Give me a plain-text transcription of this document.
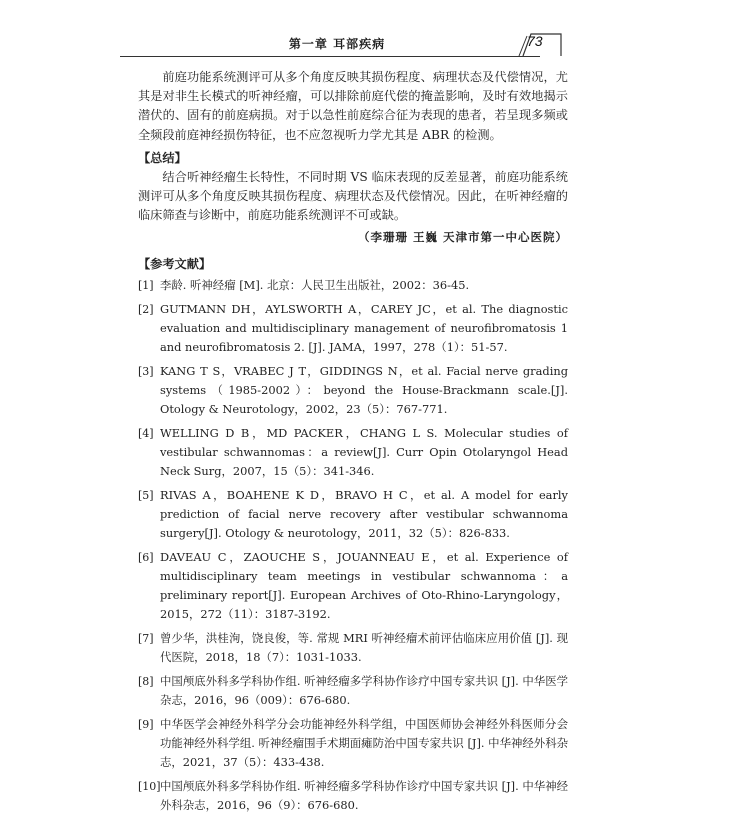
第一章 耳部疾病	73

前庭功能系统测评可从多个角度反映其损伤程度、病理状态及代偿情况，尤其是对非生长模式的听神经瘤，可以排除前庭代偿的掩盖影响，及时有效地揭示潜伏的、固有的前庭病损。对于以急性前庭综合征为表现的患者，若呈现多频或全频段前庭神经损伤特征，也不应忽视听力学尤其是 ABR 的检测。

【总结】

结合听神经瘤生长特性，不同时期 VS 临床表现的反差显著，前庭功能系统测评可从多个角度反映其损伤程度、病理状态及代偿情况。因此，在听神经瘤的临床筛查与诊断中，前庭功能系统测评不可或缺。

（李珊珊 王巍 天津市第一中心医院）

【参考文献】

[1] 李龄. 听神经瘤 [M]. 北京：人民卫生出版社，2002：36-45.
[2] GUTMANN DH，AYLSWORTH A，CAREY JC，et al. The diagnostic evaluation and multidisciplinary management of neurofibromatosis 1 and neurofibromatosis 2. [J]. JAMA，1997，278（1）：51-57.
[3] KANG T S，VRABEC J T，GIDDINGS N，et al. Facial nerve grading systems（1985-2002）：beyond the House-Brackmann scale.[J]. Otology & Neurotology，2002，23（5）：767-771.
[4] WELLING D B，MD PACKER，CHANG L S. Molecular studies of vestibular schwannomas：a review[J]. Curr Opin Otolaryngol Head Neck Surg，2007，15（5）：341-346.
[5] RIVAS A，BOAHENE K D，BRAVO H C，et al. A model for early prediction of facial nerve recovery after vestibular schwannoma surgery[J]. Otology & neurotology，2011，32（5）：826-833.
[6] DAVEAU C，ZAOUCHE S，JOUANNEAU E，et al. Experience of multidisciplinary team meetings in vestibular schwannoma：a preliminary report[J]. European Archives of Oto-Rhino-Laryngology，2015，272（11）：3187-3192.
[7] 曾少华，洪桂洵，饶良俊，等. 常规 MRI 听神经瘤术前评估临床应用价值 [J]. 现代医院，2018，18（7）：1031-1033.
[8] 中国颅底外科多学科协作组. 听神经瘤多学科协作诊疗中国专家共识 [J]. 中华医学杂志，2016，96（009）：676-680.
[9] 中华医学会神经外科学分会功能神经外科学组，中国医师协会神经外科医师分会功能神经外科学组. 听神经瘤围手术期面瘫防治中国专家共识 [J]. 中华神经外科杂志，2021，37（5）：433-438.
[10] 中国颅底外科多学科协作组. 听神经瘤多学科协作诊疗中国专家共识 [J]. 中华神经外科杂志，2016，96（9）：676-680.
